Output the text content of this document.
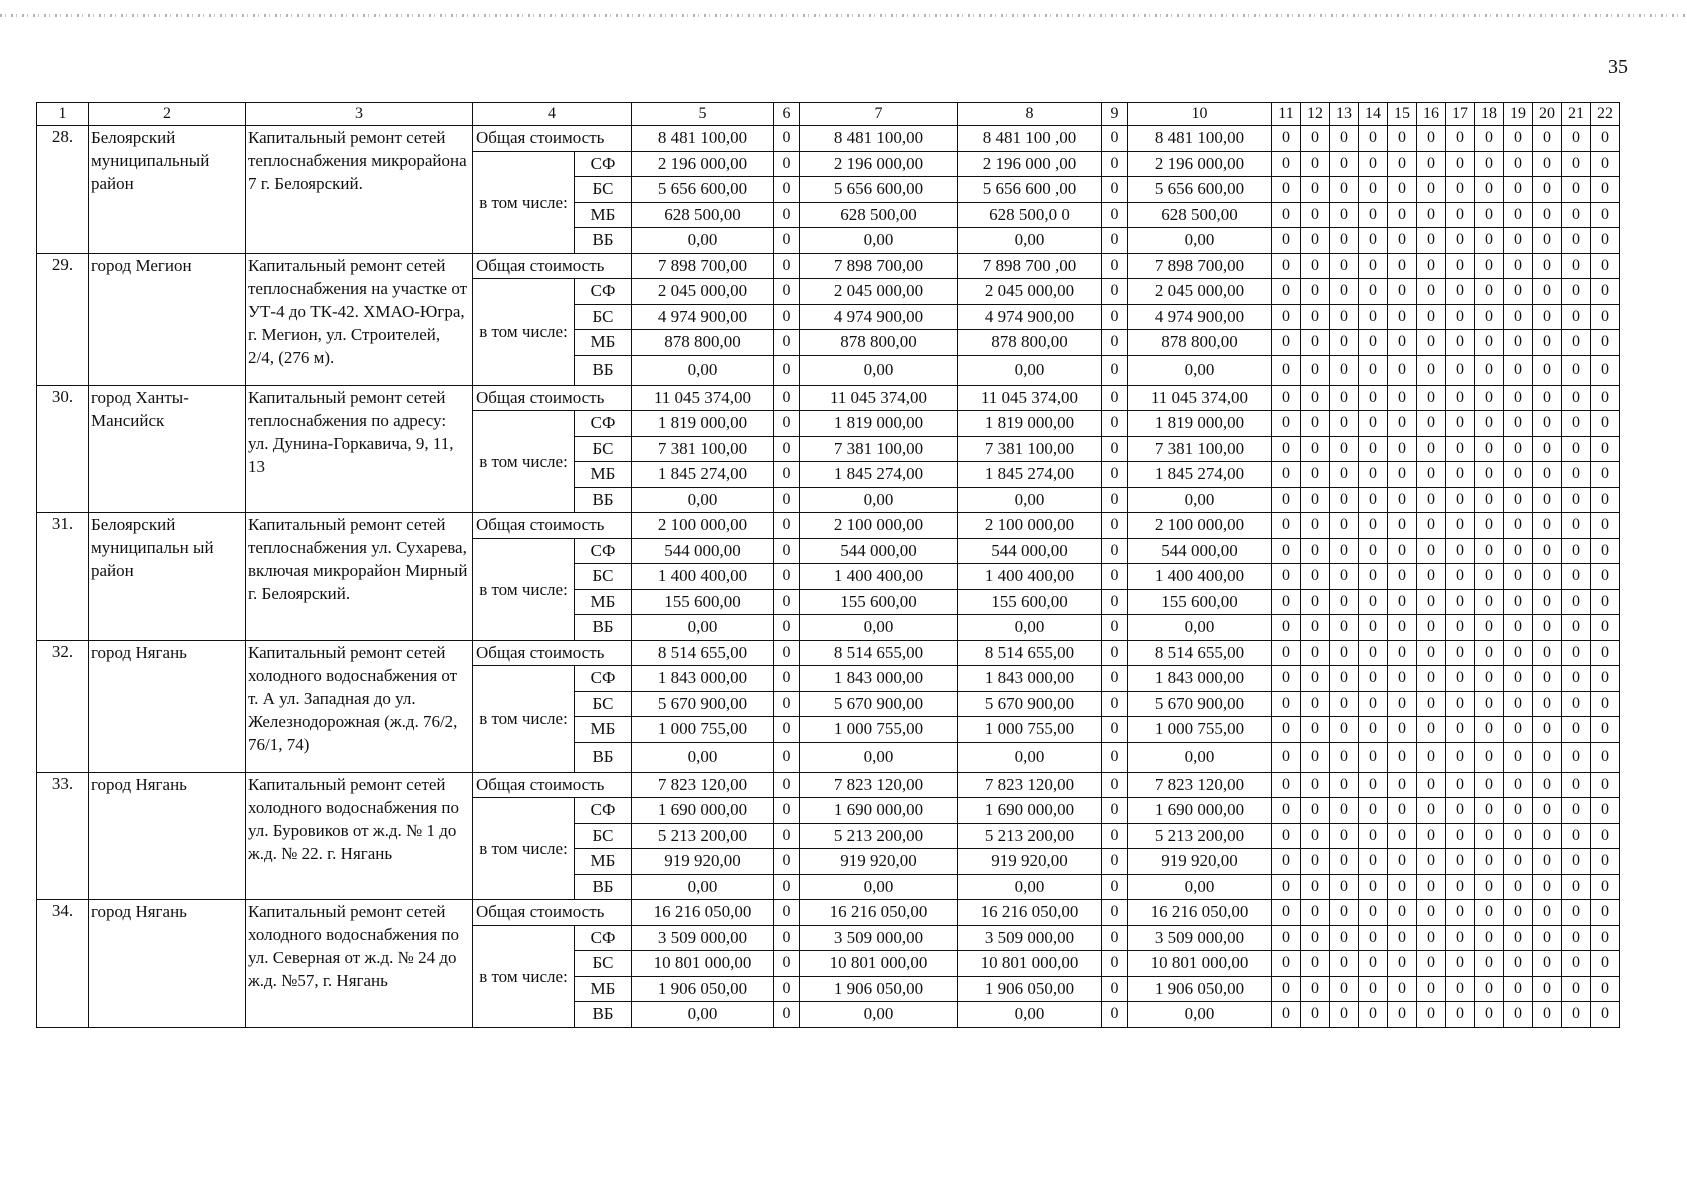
35
1	2	3	4		5	6	7	8	9	10	11	12	13	14	15	16	17	18	19	20	21	22
28.	Белоярский муниципальный район	Капитальный ремонт сетей теплоснабжения микрорайона 7 г. Белоярский.	Общая стоимость		8 481 100,00	0	8 481 100,00	8 481 100 ,00	0	8 481 100,00	0	0	0	0	0	0	0	0	0	0	0	0
			в том числе:	СФ	2 196 000,00	0	2 196 000,00	2 196 000 ,00	0	2 196 000,00	0	0	0	0	0	0	0	0	0	0	0	0
				БС	5 656 600,00	0	5 656 600,00	5 656 600 ,00	0	5 656 600,00	0	0	0	0	0	0	0	0	0	0	0	0
				МБ	628 500,00	0	628 500,00	628 500,0 0	0	628 500,00	0	0	0	0	0	0	0	0	0	0	0	0
				ВБ	0,00	0	0,00	0,00	0	0,00	0	0	0	0	0	0	0	0	0	0	0	0
29.	город Мегион	Капитальный ремонт сетей теплоснабжения на участке от УТ-4 до ТК-42. ХМАО-Югра, г. Мегион, ул. Строителей, 2/4, (276 м).	Общая стоимость		7 898 700,00	0	7 898 700,00	7 898 700 ,00	0	7 898 700,00	0	0	0	0	0	0	0	0	0	0	0	0
			в том числе:	СФ	2 045 000,00	0	2 045 000,00	2 045 000,00	0	2 045 000,00	0	0	0	0	0	0	0	0	0	0	0	0
				БС	4 974 900,00	0	4 974 900,00	4 974 900,00	0	4 974 900,00	0	0	0	0	0	0	0	0	0	0	0	0
				МБ	878 800,00	0	878 800,00	878 800,00	0	878 800,00	0	0	0	0	0	0	0	0	0	0	0	0
				ВБ	0,00	0	0,00	0,00	0	0,00	0	0	0	0	0	0	0	0	0	0	0	0
30.	город Ханты-Мансийск	Капитальный ремонт сетей теплоснабжения по адресу: ул. Дунина-Горкавича, 9, 11, 13	Общая стоимость		11 045 374,00	0	11 045 374,00	11 045 374,00	0	11 045 374,00	0	0	0	0	0	0	0	0	0	0	0	0
			в том числе:	СФ	1 819 000,00	0	1 819 000,00	1 819 000,00	0	1 819 000,00	0	0	0	0	0	0	0	0	0	0	0	0
				БС	7 381 100,00	0	7 381 100,00	7 381 100,00	0	7 381 100,00	0	0	0	0	0	0	0	0	0	0	0	0
				МБ	1 845 274,00	0	1 845 274,00	1 845 274,00	0	1 845 274,00	0	0	0	0	0	0	0	0	0	0	0	0
				ВБ	0,00	0	0,00	0,00	0	0,00	0	0	0	0	0	0	0	0	0	0	0	0
31.	Белоярский муниципальн ый район	Капитальный ремонт сетей теплоснабжения ул. Сухарева, включая микрорайон Мирный г. Белоярский.	Общая стоимость		2 100 000,00	0	2 100 000,00	2 100 000,00	0	2 100 000,00	0	0	0	0	0	0	0	0	0	0	0	0
			в том числе:	СФ	544 000,00	0	544 000,00	544 000,00	0	544 000,00	0	0	0	0	0	0	0	0	0	0	0	0
				БС	1 400 400,00	0	1 400 400,00	1 400 400,00	0	1 400 400,00	0	0	0	0	0	0	0	0	0	0	0	0
				МБ	155 600,00	0	155 600,00	155 600,00	0	155 600,00	0	0	0	0	0	0	0	0	0	0	0	0
				ВБ	0,00	0	0,00	0,00	0	0,00	0	0	0	0	0	0	0	0	0	0	0	0
32.	город Нягань	Капитальный ремонт сетей холодного водоснабжения от т. А ул. Западная до ул. Железнодорожная (ж.д. 76/2, 76/1, 74)	Общая стоимость		8 514 655,00	0	8 514 655,00	8 514 655,00	0	8 514 655,00	0	0	0	0	0	0	0	0	0	0	0	0
			в том числе:	СФ	1 843 000,00	0	1 843 000,00	1 843 000,00	0	1 843 000,00	0	0	0	0	0	0	0	0	0	0	0	0
				БС	5 670 900,00	0	5 670 900,00	5 670 900,00	0	5 670 900,00	0	0	0	0	0	0	0	0	0	0	0	0
				МБ	1 000 755,00	0	1 000 755,00	1 000 755,00	0	1 000 755,00	0	0	0	0	0	0	0	0	0	0	0	0
				ВБ	0,00	0	0,00	0,00	0	0,00	0	0	0	0	0	0	0	0	0	0	0	0
33.	город Нягань	Капитальный ремонт сетей холодного водоснабжения по ул. Буровиков от ж.д. № 1 до ж.д. № 22. г. Нягань	Общая стоимость		7 823 120,00	0	7 823 120,00	7 823 120,00	0	7 823 120,00	0	0	0	0	0	0	0	0	0	0	0	0
			в том числе:	СФ	1 690 000,00	0	1 690 000,00	1 690 000,00	0	1 690 000,00	0	0	0	0	0	0	0	0	0	0	0	0
				БС	5 213 200,00	0	5 213 200,00	5 213 200,00	0	5 213 200,00	0	0	0	0	0	0	0	0	0	0	0	0
				МБ	919 920,00	0	919 920,00	919 920,00	0	919 920,00	0	0	0	0	0	0	0	0	0	0	0	0
				ВБ	0,00	0	0,00	0,00	0	0,00	0	0	0	0	0	0	0	0	0	0	0	0
34.	город Нягань	Капитальный ремонт сетей холодного водоснабжения по ул. Северная от ж.д. № 24 до ж.д. №57, г. Нягань	Общая стоимость		16 216 050,00	0	16 216 050,00	16 216 050,00	0	16 216 050,00	0	0	0	0	0	0	0	0	0	0	0	0
			в том числе:	СФ	3 509 000,00	0	3 509 000,00	3 509 000,00	0	3 509 000,00	0	0	0	0	0	0	0	0	0	0	0	0
				БС	10 801 000,00	0	10 801 000,00	10 801 000,00	0	10 801 000,00	0	0	0	0	0	0	0	0	0	0	0	0
				МБ	1 906 050,00	0	1 906 050,00	1 906 050,00	0	1 906 050,00	0	0	0	0	0	0	0	0	0	0	0	0
				ВБ	0,00	0	0,00	0,00	0	0,00	0	0	0	0	0	0	0	0	0	0	0	0
